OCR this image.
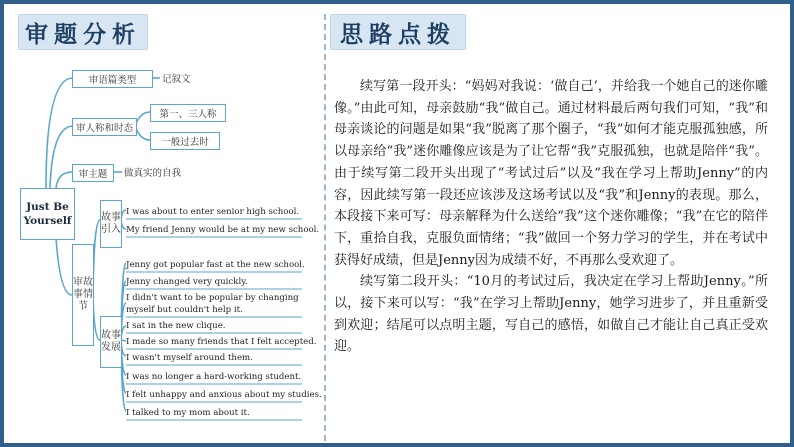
审题分析	思路点拨
Just Be
Yourself
审语篇类型	记叙文
审人称和时态
第一、三人称
一般过去时
审主题	做真实的自我
审故事情节
故事引入
故事发展
I was about to enter senior high school.
My friend Jenny would be at my new school.
Jenny got popular fast at the new school.
Jenny changed very quickly.
I didn't want to be popular by changing
myself but couldn't help it.
I sat in the new clique.
I made so many friends that I felt accepted.
I wasn't myself around them.
I was no longer a hard-working student.
I felt unhappy and anxious about my studies.
I talked to my mom about it.

续写第一段开头：“妈妈对我说：‘做自己’，并给我一个她自己的迷你雕像。”由此可知，母亲鼓励“我”做自己。通过材料最后两句我们可知，“我”和母亲谈论的问题是如果“我”脱离了那个圈子，“我”如何才能克服孤独感，所以母亲给“我”迷你雕像应该是为了让它帮“我”克服孤独，也就是陪伴“我”。由于续写第二段开头出现了“考试过后”以及“我在学习上帮助Jenny”的内容，因此续写第一段还应该涉及这场考试以及“我”和Jenny的表现。那么，本段接下来可写：母亲解释为什么送给“我”这个迷你雕像；“我”在它的陪伴下，重拾自我，克服负面情绪；“我”做回一个努力学习的学生，并在考试中获得好成绩，但是Jenny因为成绩不好，不再那么受欢迎了。

续写第二段开头：“10月的考试过后，我决定在学习上帮助Jenny。”所以，接下来可以写：“我”在学习上帮助Jenny，她学习进步了，并且重新受到欢迎；结尾可以点明主题，写自己的感悟，如做自己才能让自己真正受欢迎。
